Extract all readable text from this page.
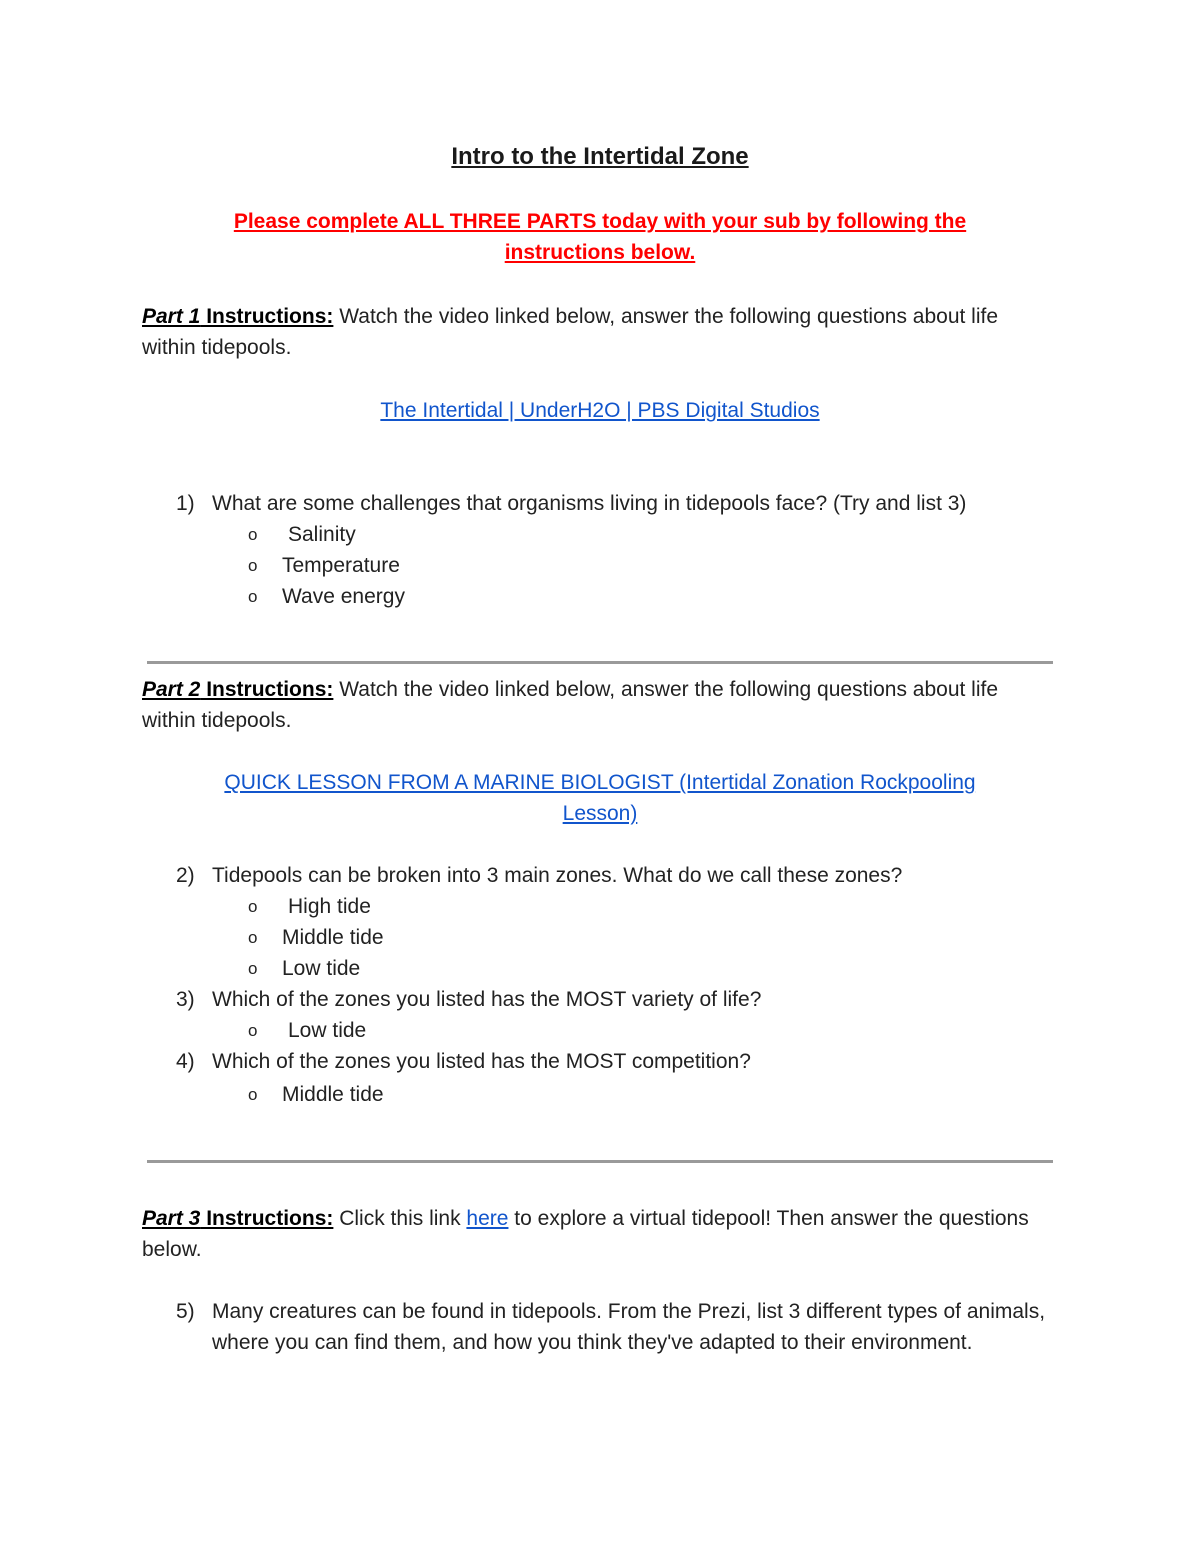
Intro to the Intertidal Zone
Please complete ALL THREE PARTS today with your sub by following the
instructions below.
Part 1 Instructions: Watch the video linked below, answer the following questions about life within tidepools.
The Intertidal | UnderH2O | PBS Digital Studios
1) What are some challenges that organisms living in tidepools face? (Try and list 3)
o Salinity
o Temperature
o Wave energy
Part 2 Instructions: Watch the video linked below, answer the following questions about life within tidepools.
QUICK LESSON FROM A MARINE BIOLOGIST (Intertidal Zonation Rockpooling
Lesson)
2) Tidepools can be broken into 3 main zones. What do we call these zones?
o High tide
o Middle tide
o Low tide
3) Which of the zones you listed has the MOST variety of life?
o Low tide
4) Which of the zones you listed has the MOST competition?
o Middle tide
Part 3 Instructions: Click this link here to explore a virtual tidepool! Then answer the questions below.
5) Many creatures can be found in tidepools. From the Prezi, list 3 different types of animals, where you can find them, and how you think they've adapted to their environment.
